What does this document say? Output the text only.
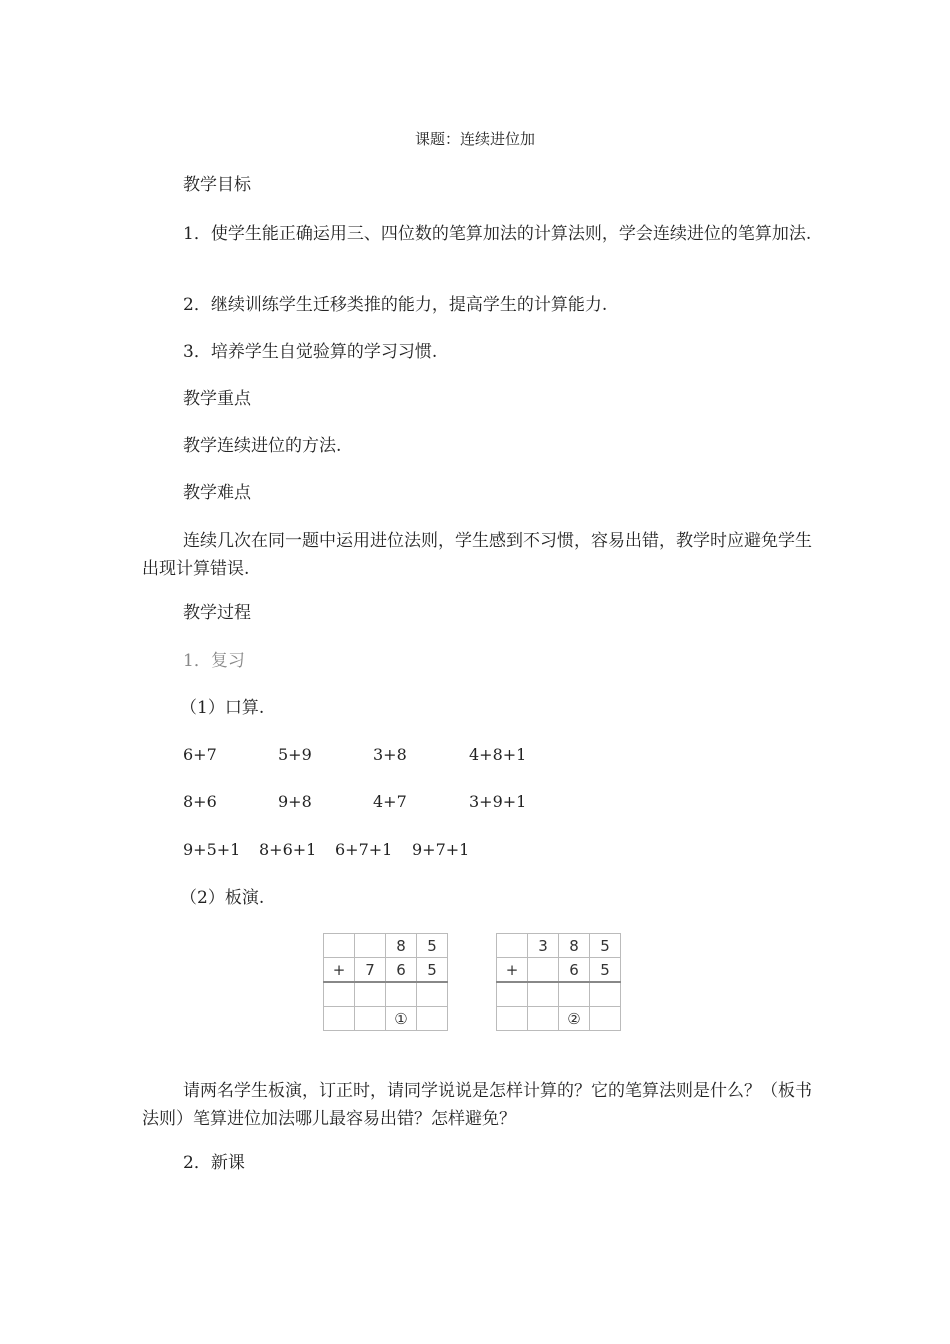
课题：连续进位加
教学目标
1．使学生能正确运用三、四位数的笔算加法的计算法则，学会连续进位的笔算加法.
2．继续训练学生迁移类推的能力，提高学生的计算能力.
3．培养学生自觉验算的学习习惯.
教学重点
教学连续进位的方法.
教学难点
连续几次在同一题中运用进位法则，学生感到不习惯，容易出错，教学时应避免学生出现计算错误.
教学过程
1．复习
（1）口算.
6+7	5+9	3+8	4+8+1
8+6	9+8	4+7	3+9+1
9+5+1 8+6+1 6+7+1 9+7+1
（2）板演.
		8	5
+	7	6	5

		①	
	3	8	5
+		6	5

		②	
请两名学生板演，订正时，请同学说说是怎样计算的？它的笔算法则是什么？（板书法则）笔算进位加法哪儿最容易出错？怎样避免？
2．新课
